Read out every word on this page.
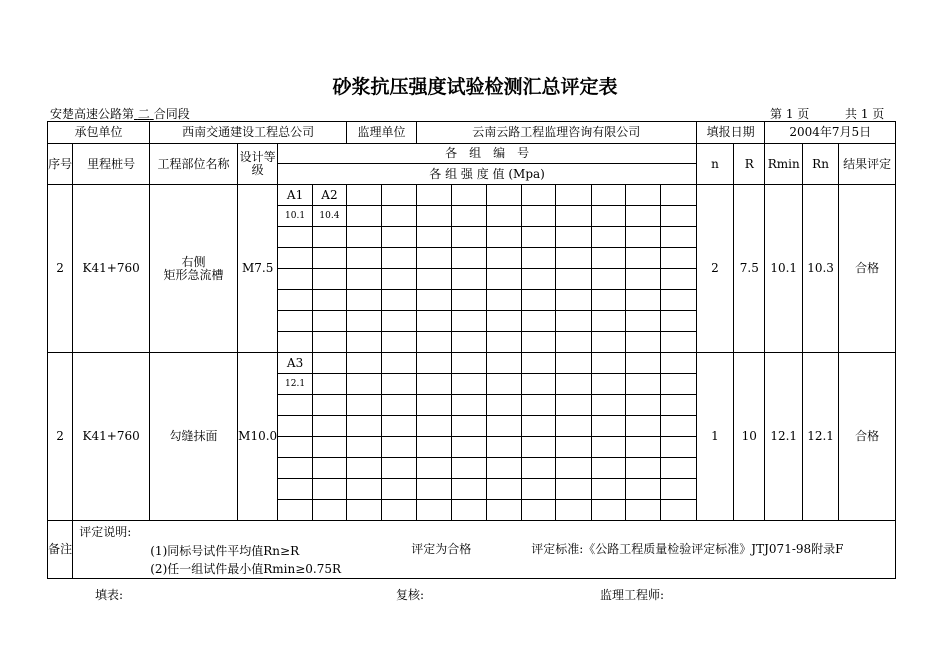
砂浆抗压强度试验检测汇总评定表
安楚高速公路第 二 合同段	第 1 页	共 1 页
承包单位		西南交通建设工程总公司				监理单位		云南云路工程监理咨询有限公司								填报日期		2004年7月5日		
序号	里程桩号	工程部位名称	设计等级	各　组　编　号												n	R	Rmin	Rn	结果评定
				各 组 强 度 值 (Mpa)																
2	K41+760	右侧
矩形急流槽	M7.5	A1	A2											2	7.5	10.1	10.3	合格
				10.1	10.4															

2	K41+760	勾缝抹面	M10.0	A3												1	10	12.1	12.1	合格
				12.1																

备注	评定说明:
(1)同标号试件平均值Rn≥R
(2)任一组试件最小值Rmin≥0.75R
评定为合格 评定标准:《公路工程质量检验评定标准》JTJ071-98附录F																			
填表:	复核:	监理工程师:
